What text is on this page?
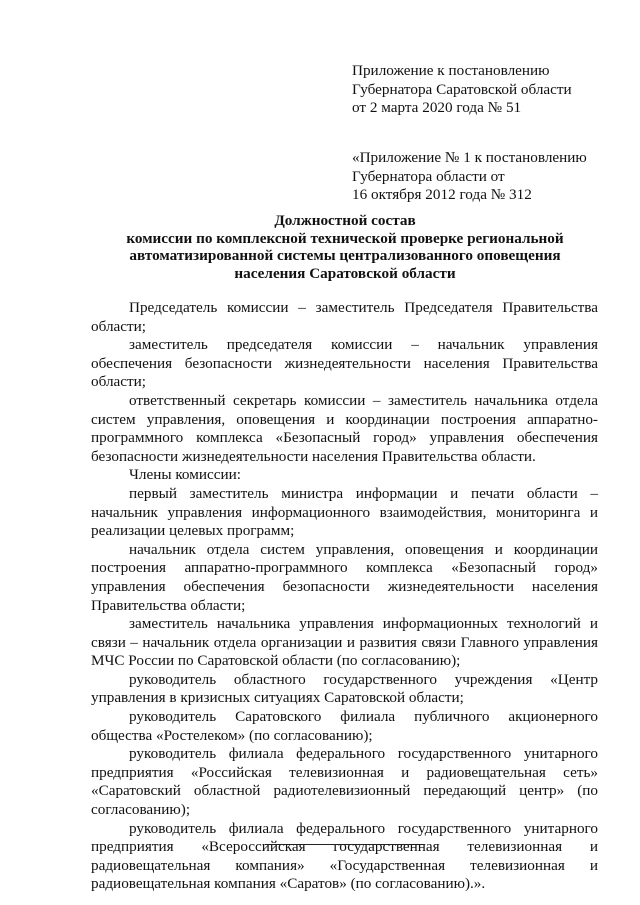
Приложение к постановлению
Губернатора Саратовской области
от 2 марта 2020 года № 51
«Приложение № 1 к постановлению
Губернатора области от
16 октября 2012 года № 312
Должностной состав
комиссии по комплексной технической проверке региональной
автоматизированной системы централизованного оповещения
населения Саратовской области

Председатель комиссии – заместитель Председателя Правительства области;

заместитель председателя комиссии – начальник управления обеспечения безопасности жизнедеятельности населения Правительства области;

ответственный секретарь комиссии – заместитель начальника отдела систем управления, оповещения и координации построения аппаратно-программного комплекса «Безопасный город» управления обеспечения безопасности жизнедеятельности населения Правительства области.

Члены комиссии:

первый заместитель министра информации и печати области – начальник управления информационного взаимодействия, мониторинга и реализации целевых программ;

начальник отдела систем управления, оповещения и координации построения аппаратно-программного комплекса «Безопасный город» управления обеспечения безопасности жизнедеятельности населения Правительства области;

заместитель начальника управления информационных технологий и связи – начальник отдела организации и развития связи Главного управления МЧС России по Саратовской области (по согласованию);

руководитель областного государственного учреждения «Центр управления в кризисных ситуациях Саратовской области;

руководитель Саратовского филиала публичного акционерного общества «Ростелеком» (по согласованию);

руководитель филиала федерального государственного унитарного предприятия «Российская телевизионная и радиовещательная сеть» «Саратовский областной радиотелевизионный передающий центр» (по согласованию);

руководитель филиала федерального государственного унитарного предприятия «Всероссийская государственная телевизионная и радиовещательная компания» «Государственная телевизионная и радиовещательная компания «Саратов» (по согласованию).».
